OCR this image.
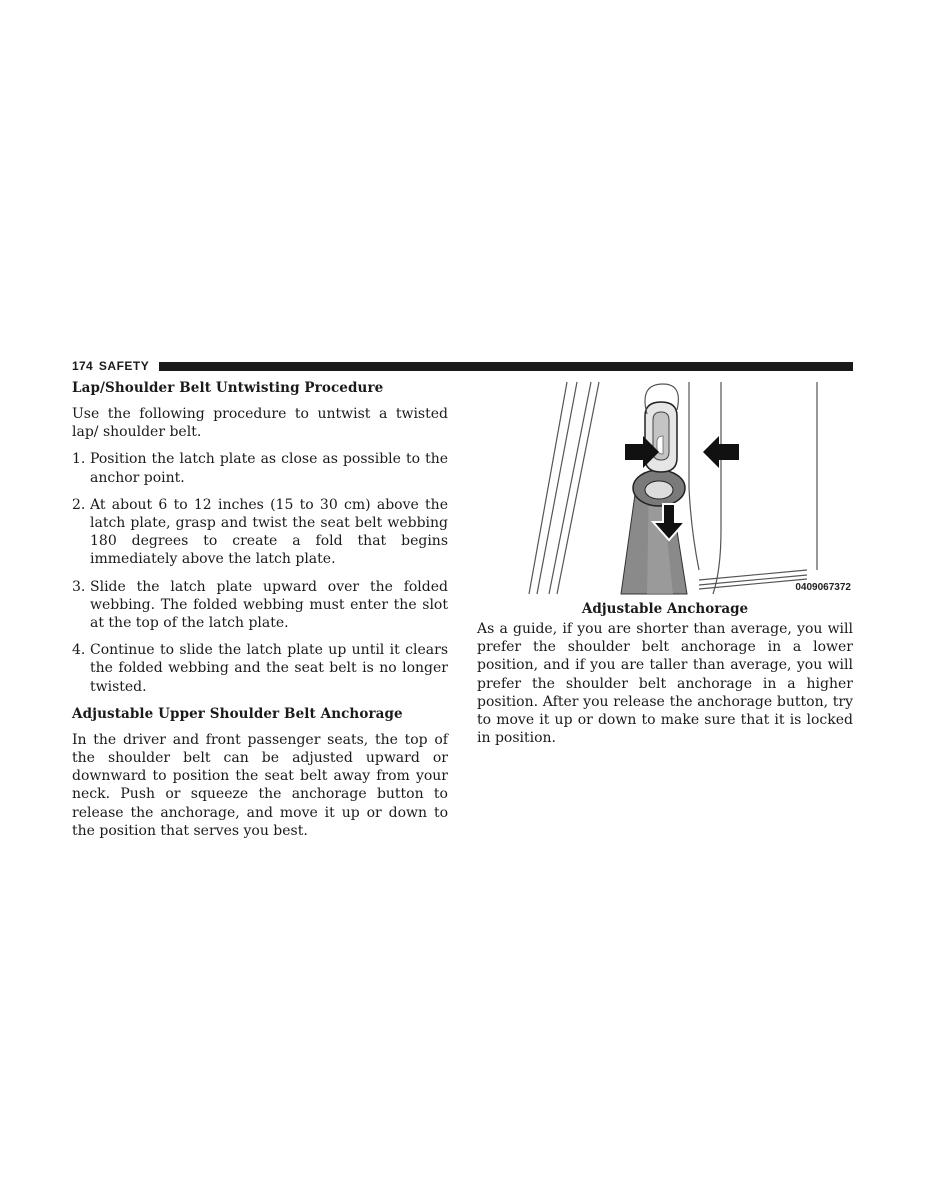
174 SAFETY
Lap/Shoulder Belt Untwisting Procedure

Use the following procedure to untwist a twisted lap/ shoulder belt.

1. Position the latch plate as close as possible to the anchor point.
2. At about 6 to 12 inches (15 to 30 cm) above the latch plate, grasp and twist the seat belt webbing 180 degrees to create a fold that begins immediately above the latch plate.
3. Slide the latch plate upward over the folded webbing. The folded webbing must enter the slot at the top of the latch plate.
4. Continue to slide the latch plate up until it clears the folded webbing and the seat belt is no longer twisted.
Adjustable Upper Shoulder Belt Anchorage

In the driver and front passenger seats, the top of the shoulder belt can be adjusted upward or downward to position the seat belt away from your neck. Push or squeeze the anchorage button to release the anchorage, and move it up or down to the position that serves you best.

0409067372
Adjustable Anchorage

As a guide, if you are shorter than average, you will prefer the shoulder belt anchorage in a lower position, and if you are taller than average, you will prefer the shoulder belt anchorage in a higher position. After you release the anchorage button, try to move it up or down to make sure that it is locked in position.
